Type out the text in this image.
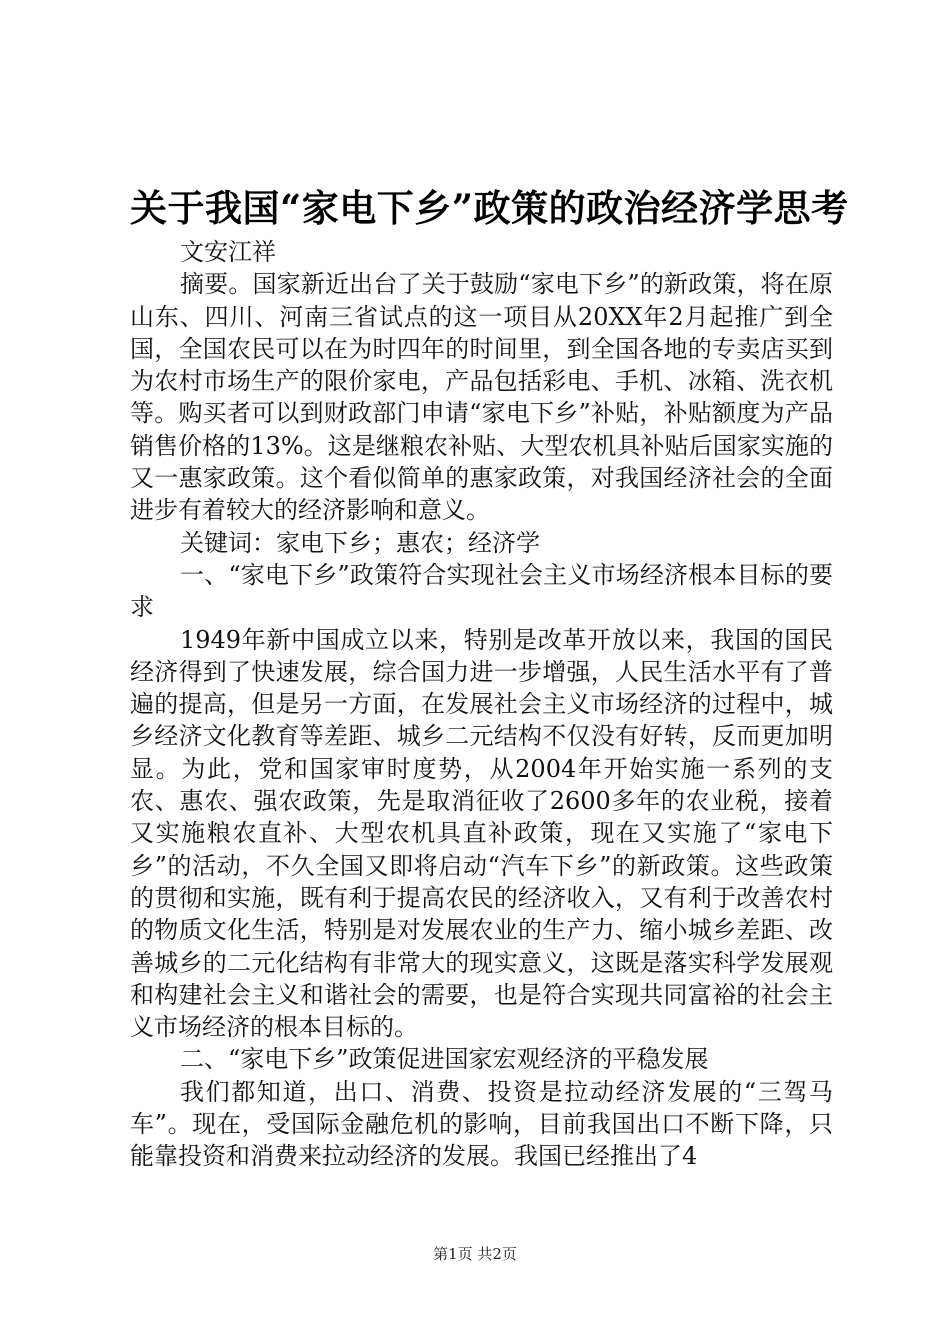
关于我国“家电下乡”政策的政治经济学思考

文安江祥

摘要。国家新近出台了关于鼓励“家电下乡”的新政策，将在原山东、四川、河南三省试点的这一项目从20XX年2月起推广到全国，全国农民可以在为时四年的时间里，到全国各地的专卖店买到为农村市场生产的限价家电，产品包括彩电、手机、冰箱、洗衣机等。购买者可以到财政部门申请“家电下乡”补贴，补贴额度为产品销售价格的13%。这是继粮农补贴、大型农机具补贴后国家实施的又一惠家政策。这个看似简单的惠家政策，对我国经济社会的全面进步有着较大的经济影响和意义。

关键词：家电下乡；惠农；经济学

一、“家电下乡”政策符合实现社会主义市场经济根本目标的要求

1949年新中国成立以来，特别是改革开放以来，我国的国民经济得到了快速发展，综合国力进一步增强，人民生活水平有了普遍的提高，但是另一方面，在发展社会主义市场经济的过程中，城乡经济文化教育等差距、城乡二元结构不仅没有好转，反而更加明显。为此，党和国家审时度势，从2004年开始实施一系列的支农、惠农、强农政策，先是取消征收了2600多年的农业税，接着又实施粮农直补、大型农机具直补政策，现在又实施了“家电下乡”的活动，不久全国又即将启动“汽车下乡”的新政策。这些政策的贯彻和实施，既有利于提高农民的经济收入，又有利于改善农村的物质文化生活，特别是对发展农业的生产力、缩小城乡差距、改善城乡的二元化结构有非常大的现实意义，这既是落实科学发展观和构建社会主义和谐社会的需要，也是符合实现共同富裕的社会主义市场经济的根本目标的。

二、“家电下乡”政策促进国家宏观经济的平稳发展

我们都知道，出口、消费、投资是拉动经济发展的“三驾马车”。现在，受国际金融危机的影响，目前我国出口不断下降，只能靠投资和消费来拉动经济的发展。我国已经推出了4

第1页 共2页
